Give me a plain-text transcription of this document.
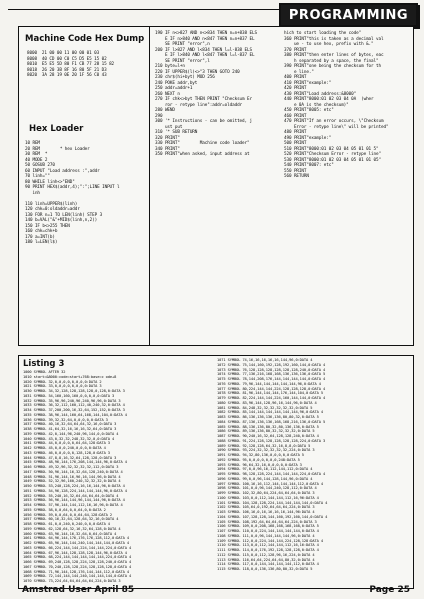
PROGRAMMING
Machine Code Hex Dump
8000  21 00 00 11 00 00 01 03
8008  40 CD 00 C0 C5 D5 E5 15 02
8010  E5 E5 5D 80 F1 CB 77 28 15 82
8018  26 20 3B 8F 16 80 5F 21 D3
8020  3A 28 19 0E 20 1F 56 C0 43
Hex Loader
10 REM
20 REM        * hex Loader
30 REM  *
40 MODE 2
50 GOSUB 270
60 INPUT "Load address :",addr
70 linh=""
80 WHILE linh<>"END"
90 PRINT HEX$(addr,4);":";LINE INPUT l
inh

110 linh=UPPER$(linh)
120 chk=0:oldaddr=addr
130 FOR n=1 TO LEN(linh) STEP 3
140 b=VAL("&"+MID$(linh,n,2))
150 IF b<>255 THEN
160 chk=chk+b
170 a=INT(b)
180 l=LEN(l$)
190 IF n<>827 AND n<>834 THEN n=n+838 ELS
E IF n>840 AND n<847 THEN n=n+837 EL
SE PRINT "error",n
200 IF l>827 AND l<834 THEN l=l-838 ELS
E IF l>840 AND l<847 THEN l=l-837 EL
SE PRINT "error",l
210 byte=l+n
220 IF UPPER$(l)<>"3 THEN GOTO 240
230 chr$(hi+byt) MOD 256
240 POKE addr,byt
250 addr=addr+1
260 NEXT n
270 IF chk<>byt THEN PRINT "Checksum Er
ror - retype line":addr=oldaddr
280 WEND
290
300 '* Instructions - can be omitted, j
ust put
310 '* SUB RETURN
320 PRINT"
330 PRINT"        Machine code loader"
340 PRINT"
350 PRINT"when asked, input address at
hich to start loading the code"
360 PRINT"this is taken as a decimal val
ue - to use hex, prefix with &."
370 PRINT
380 PRINT"then enter lines of bytes, eac
h separated by a space, the final"
390 PRINT"one being the checksum for th
e line."
400 PRINT
410 PRINT"example:"
420 PRINT
430 PRINT"Load address:&8000"
440 PRINT"8000:01 02 03 04 0A  (wher
e 0A is the checksum)"
450 PRINT"8005: etc"
460 PRINT
470 PRINT"If an error occurs, \"Checksum
Error - retype line\" will be printed"
480 PRINT
490 PRINT"example:"
500 PRINT
510 PRINT"8000:01 02 03 04 05 01 01 5"
520 PRINT"Checksum Error - retype line"
530 PRINT"8000:01 02 03 04 05 01 01 05"
540 PRINT"8007: etc"
550 PRINT
560 RETURN
Listing 3
1000 SYMBOL AFTER 32
1010 start=&8000:code=start+768:base=c ode+8
1020 SYMBOL 32,0,0,0,0,0,0,0,0:DATA 2
1021 SYMBOL 33,0,0,0,0,0,0,0,0:DATA 3
1030 SYMBOL 34,32,128,128,128,128,0,128,0:DATA 3
1031 SYMBOL 54,160,160,160,0,0,0,0,0:DATA 3
1032 SYMBOL 35,96,96,240,96,240,96,96,0:DATA 3
1033 SYMBOL 36,32,112,160,112,40,240,32,0:DATA 4
1034 SYMBOL 37,200,200,16,32,64,152,152,0:DATA 3
1035 SYMBOL 38,96,144,160,64,168,144,104,0:DATA 4
1036 SYMBOL 39,32,32,64,0,0,0,0,0:DATA 3
1037 SYMBOL 40,16,32,64,64,64,32,16,0:DATA 3
1038 SYMBOL 41,64,32,16,16,16,32,64,0:DATA 3
1039 SYMBOL 42,0,144,96,240,96,144,0,0:DATA 4
1040 SYMBOL 43,0,32,32,248,32,32,0,0:DATA 4
1041 SYMBOL 44,0,0,0,0,0,64,64,128:DATA 3
1042 SYMBOL 45,0,0,0,240,0,0,0,0:DATA 4
1043 SYMBOL 46,0,0,0,0,0,128,128,0:DATA 3
1044 SYMBOL 47,8,8,16,32,64,128,128,0:DATA 3
1045 SYMBOL 48,96,144,176,208,144,144,96,0:DATA 4
1046 SYMBOL 49,32,96,32,32,32,32,112,0:DATA 3
1047 SYMBOL 50,96,144,16,32,64,128,240,0:DATA 4
1048 SYMBOL 51,96,144,16,96,16,144,96,0:DATA 4
1049 SYMBOL 52,32,96,160,240,32,32,32,0:DATA 4
1050 SYMBOL 53,240,128,224,16,16,144,96,0:DATA 4
1051 SYMBOL 54,96,128,224,144,144,144,96,0:DATA 4
1052 SYMBOL 55,240,16,32,64,64,64,64,0:DATA 4
1053 SYMBOL 56,96,144,144,96,144,144,96,0:DATA 4
1054 SYMBOL 57,96,144,144,112,16,16,96,0:DATA 4
1055 SYMBOL 58,0,0,64,0,0,64,0,0:DATA 2
1056 SYMBOL 59,0,0,64,0,0,64,64,128:DATA 2
1057 SYMBOL 60,16,32,64,128,64,32,16,0:DATA 4
1058 SYMBOL 61,0,0,240,0,240,0,0,0:DATA 4
1059 SYMBOL 62,128,64,32,16,32,64,128,0:DATA 4
1060 SYMBOL 63,96,144,16,32,64,0,64,0:DATA 4
1061 SYMBOL 64,96,144,176,176,176,128,112,0:DATA 4
1062 SYMBOL 65,96,144,144,240,144,144,144,0:DATA 4
1063 SYMBOL 66,224,144,144,224,144,144,224,0:DATA 4
1064 SYMBOL 67,96,144,128,128,128,144,96,0:DATA 4
1065 SYMBOL 68,224,144,144,144,144,144,224,0:DATA 4
1066 SYMBOL 69,240,128,128,224,128,128,240,0:DATA 4
1067 SYMBOL 70,240,128,128,224,128,128,128,0:DATA 4
1068 SYMBOL 71,96,144,128,176,144,144,112,0:DATA 4
1069 SYMBOL 72,144,144,144,240,144,144,144,0:DATA 4
1070 SYMBOL 73,224,64,64,64,64,64,224,0:DATA 3
1071 SYMBOL 74,16,16,16,16,16,144,96,0:DATA 4
1072 SYMBOL 75,144,160,192,128,192,160,144,0:DATA 4
1073 SYMBOL 76,128,128,128,128,128,128,240,0:DATA 4
1074 SYMBOL 77,136,216,168,168,136,136,136,0:DATA 5
1075 SYMBOL 78,144,208,176,144,144,144,144,0:DATA 4
1076 SYMBOL 79,96,144,144,144,144,144,96,0:DATA 4
1077 SYMBOL 80,224,144,144,224,128,128,128,0:DATA 4
1078 SYMBOL 81,96,144,144,144,176,144,104,0:DATA 5
1079 SYMBOL 82,224,144,144,224,160,144,144,0:DATA 4
1080 SYMBOL 83,96,144,128,96,16,144,96,0:DATA 4
1081 SYMBOL 84,248,32,32,32,32,32,32,0:DATA 5
1082 SYMBOL 85,144,144,144,144,144,144,96,0:DATA 4
1083 SYMBOL 86,136,136,136,136,80,80,32,0:DATA 5
1084 SYMBOL 87,136,136,136,168,168,216,136,0:DATA 5
1085 SYMBOL 88,136,136,80,32,80,136,136,0:DATA 5
1086 SYMBOL 89,136,136,80,32,32,32,32,0:DATA 5
1087 SYMBOL 90,240,16,32,64,128,128,240,0:DATA 4
1088 SYMBOL 91,224,128,128,128,128,128,224,0:DATA 3
1089 SYMBOL 92,128,128,64,32,16,8,8,0:DATA 5
1090 SYMBOL 93,224,32,32,32,32,32,224,0:DATA 3
1091 SYMBOL 94,32,80,136,0,0,0,0,0:DATA 5
1092 SYMBOL 95,0,0,0,0,0,0,0,248:DATA 5
1093 SYMBOL 96,64,32,16,0,0,0,0,0:DATA 3
1094 SYMBOL 97,0,0,96,16,112,144,112,0:DATA 4
1095 SYMBOL 98,128,128,224,144,144,144,224,0:DATA 4
1096 SYMBOL 99,0,0,96,144,128,144,96,0:DATA 4
1097 SYMBOL 100,16,16,112,144,144,144,112,0:DATA 4
1098 SYMBOL 101,0,0,96,144,240,128,112,0:DATA 4
1099 SYMBOL 102,32,80,64,224,64,64,64,0:DATA 3
1100 SYMBOL 103,0,0,112,144,144,112,16,96:DATA 4
1101 SYMBOL 104,128,128,224,144,144,144,144,0:DATA 4
1102 SYMBOL 105,64,0,192,64,64,64,224,0:DATA 3
1103 SYMBOL 106,16,0,16,16,16,16,144,96:DATA 4
1104 SYMBOL 107,128,128,144,160,192,160,144,0:DATA 4
1105 SYMBOL 108,192,64,64,64,64,64,224,0:DATA 3
1106 SYMBOL 109,0,0,208,168,168,168,168,0:DATA 5
1107 SYMBOL 110,0,0,224,144,144,144,144,0:DATA 4
1108 SYMBOL 111,0,0,96,144,144,144,96,0:DATA 4
1109 SYMBOL 112,0,0,224,144,144,224,128,128:DATA 4
1110 SYMBOL 113,0,0,112,144,144,112,16,16:DATA 4
1111 SYMBOL 114,0,0,176,192,128,128,128,0:DATA 4
1112 SYMBOL 115,0,0,112,128,96,16,224,0:DATA 4
1113 SYMBOL 116,64,64,224,64,64,80,32,0:DATA 4
1114 SYMBOL 117,0,0,144,144,144,144,112,0:DATA 4
1115 SYMBOL 118,0,0,136,136,80,80,32,0:DATA 5
Amstrad User April 85	Page 25
